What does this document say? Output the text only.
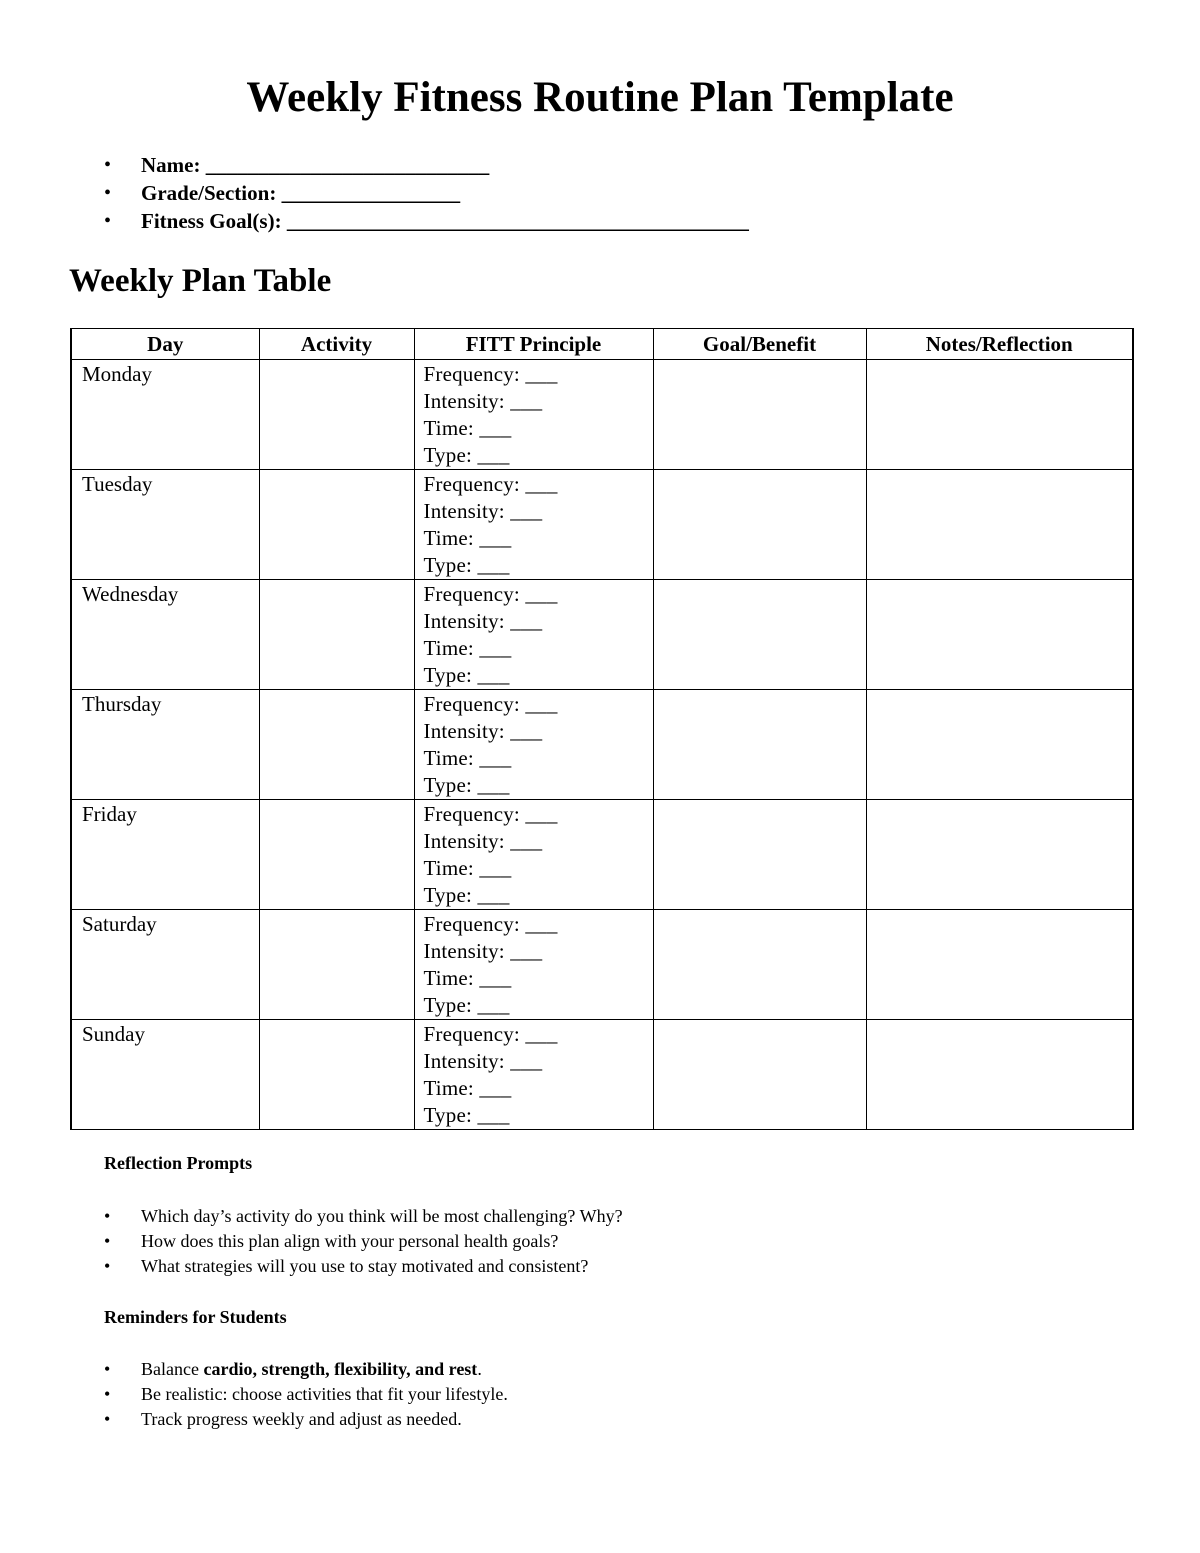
Weekly Fitness Routine Plan Template
• Name: ___________________________
• Grade/Section: _________________
• Fitness Goal(s): ____________________________________________
Weekly Plan Table
Day	Activity	FITT Principle	Goal/Benefit	Notes/Reflection
Monday		Frequency: ___
Intensity: ___
Time: ___
Type: ___		

Tuesday		Frequency: ___
Intensity: ___
Time: ___
Type: ___		

Wednesday		Frequency: ___
Intensity: ___
Time: ___
Type: ___		

Thursday		Frequency: ___
Intensity: ___
Time: ___
Type: ___		

Friday		Frequency: ___
Intensity: ___
Time: ___
Type: ___		

Saturday		Frequency: ___
Intensity: ___
Time: ___
Type: ___		

Sunday		Frequency: ___
Intensity: ___
Time: ___
Type: ___		

Reflection Prompts
• Which day’s activity do you think will be most challenging? Why?
• How does this plan align with your personal health goals?
• What strategies will you use to stay motivated and consistent?
Reminders for Students
• Balance cardio, strength, flexibility, and rest.
• Be realistic: choose activities that fit your lifestyle.
• Track progress weekly and adjust as needed.
